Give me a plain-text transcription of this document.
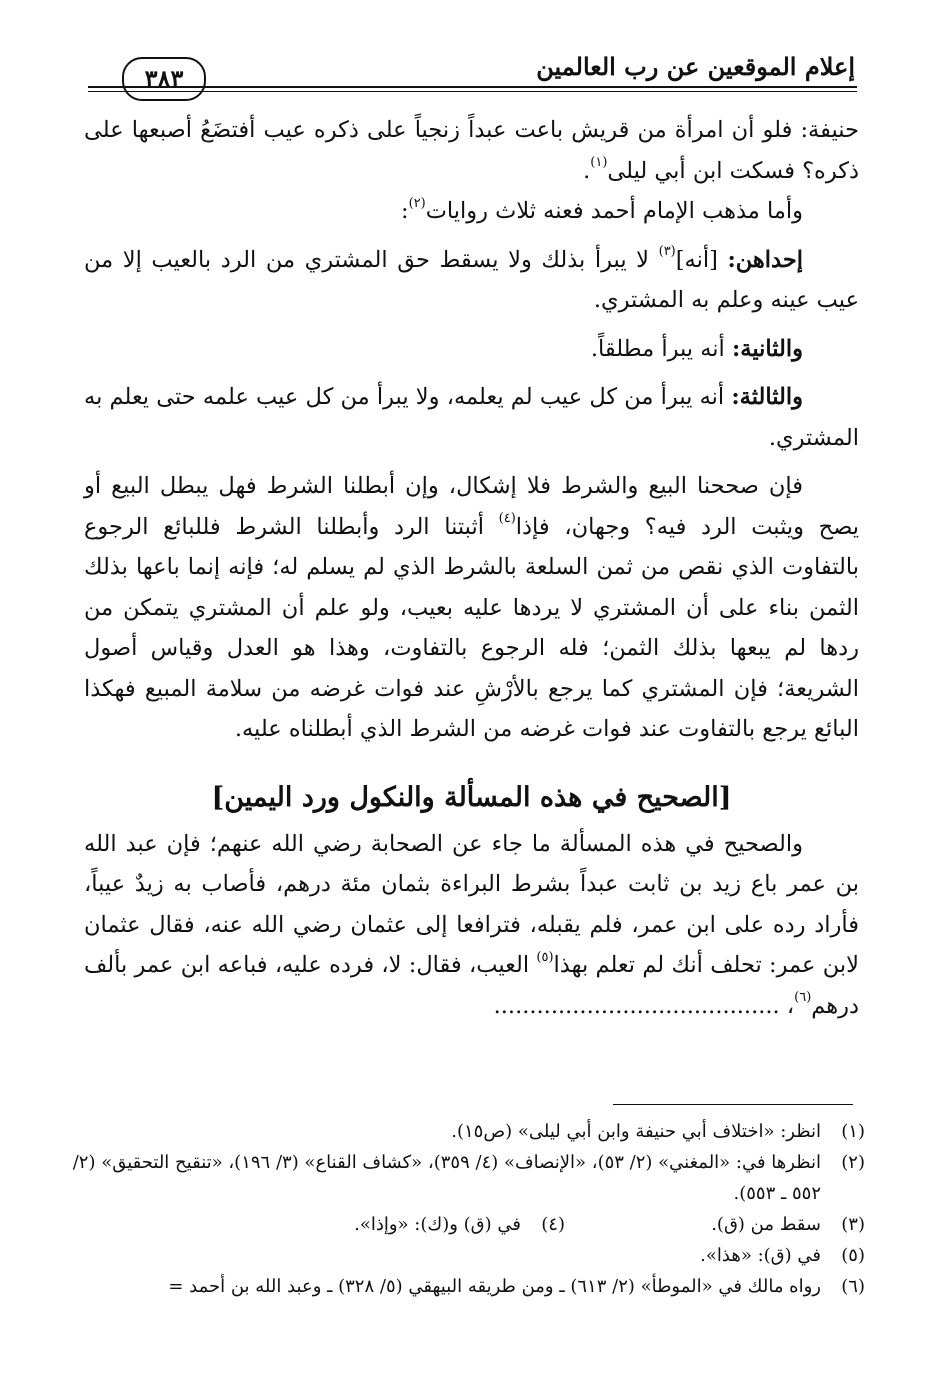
إعلام الموقعين عن رب العالمين
٣٨٣

حنيفة: فلو أن امرأة من قريش باعت عبداً زنجياً على ذكره عيب أفتضَعُ أصبعها على ذكره؟ فسكت ابن أبي ليلى$^{(١)}$.

وأما مذهب الإمام أحمد فعنه ثلاث روايات$^{(٢)}$:

إحداهن: [أنه]$^{(٣)}$ لا يبرأ بذلك ولا يسقط حق المشتري من الرد بالعيب إلا من عيب عينه وعلم به المشتري.

والثانية: أنه يبرأ مطلقاً.

والثالثة: أنه يبرأ من كل عيب لم يعلمه، ولا يبرأ من كل عيب علمه حتى يعلم به المشتري.

فإن صححنا البيع والشرط فلا إشكال، وإن أبطلنا الشرط فهل يبطل البيع أو يصح ويثبت الرد فيه؟ وجهان، فإذا$^{(٤)}$ أثبتنا الرد وأبطلنا الشرط فللبائع الرجوع بالتفاوت الذي نقص من ثمن السلعة بالشرط الذي لم يسلم له؛ فإنه إنما باعها بذلك الثمن بناء على أن المشتري لا يردها عليه بعيب، ولو علم أن المشتري يتمكن من ردها لم يبعها بذلك الثمن؛ فله الرجوع بالتفاوت، وهذا هو العدل وقياس أصول الشريعة؛ فإن المشتري كما يرجع بالأرْشِ عند فوات غرضه من سلامة المبيع فهكذا البائع يرجع بالتفاوت عند فوات غرضه من الشرط الذي أبطلناه عليه.

[الصحيح في هذه المسألة والنكول ورد اليمين]

والصحيح في هذه المسألة ما جاء عن الصحابة رضي الله عنهم؛ فإن عبد الله بن عمر باع زيد بن ثابت عبداً بشرط البراءة بثمان مئة درهم، فأصاب به زيدٌ عيباً، فأراد رده على ابن عمر، فلم يقبله، فترافعا إلى عثمان رضي الله عنه، فقال عثمان لابن عمر: تحلف أنك لم تعلم بهذا$^{(٥)}$ العيب، فقال: لا، فرده عليه، فباعه ابن عمر بألف درهم$^{(٦)}$، ........................................

(١)
انظر: «اختلاف أبي حنيفة وابن أبي ليلى» (ص١٥).
(٢)
انظرها في: «المغني» (٢/ ٥٣)، «الإنصاف» (٤/ ٣٥٩)، «كشاف القناع» (٣/ ١٩٦)، «تنقيح التحقيق» (٢/ ٥٥٢ ـ ٥٥٣).
(٣)
سقط من (ق).
(٤)
في (ق) و(ك): «وإذا».
(٥)
في (ق): «هذا».
(٦)
رواه مالك في «الموطأ» (٢/ ٦١٣) ـ ومن طريقه البيهقي (٥/ ٣٢٨) ـ وعبد الله بن أحمد =
